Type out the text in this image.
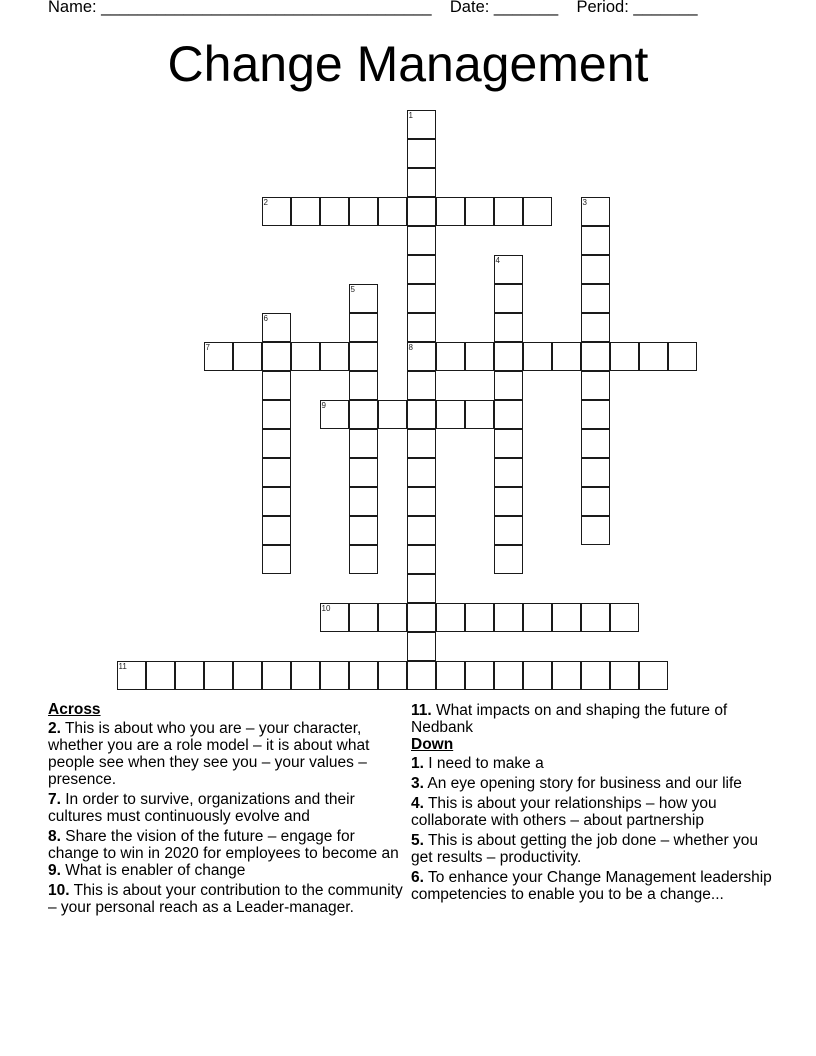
Name: ____________________________________ Date: _______ Period: _______
Change Management
1
8
2	3
4
5
6
7
9
10
11
Across
2. This is about who you are – your character, whether you are a role model – it is about what people see when they see you – your values – presence.
7. In order to survive, organizations and their cultures must continuously evolve and
8. Share the vision of the future – engage for change to win in 2020 for employees to become an
9. What is enabler of change
10. This is about your contribution to the community – your personal reach as a Leader-manager.
11. What impacts on and shaping the future of Nedbank
Down
1. I need to make a
3. An eye opening story for business and our life
4. This is about your relationships – how you collaborate with others – about partnership
5. This is about getting the job done – whether you get results – productivity.
6. To enhance your Change Management leadership competencies to enable you to be a change...
